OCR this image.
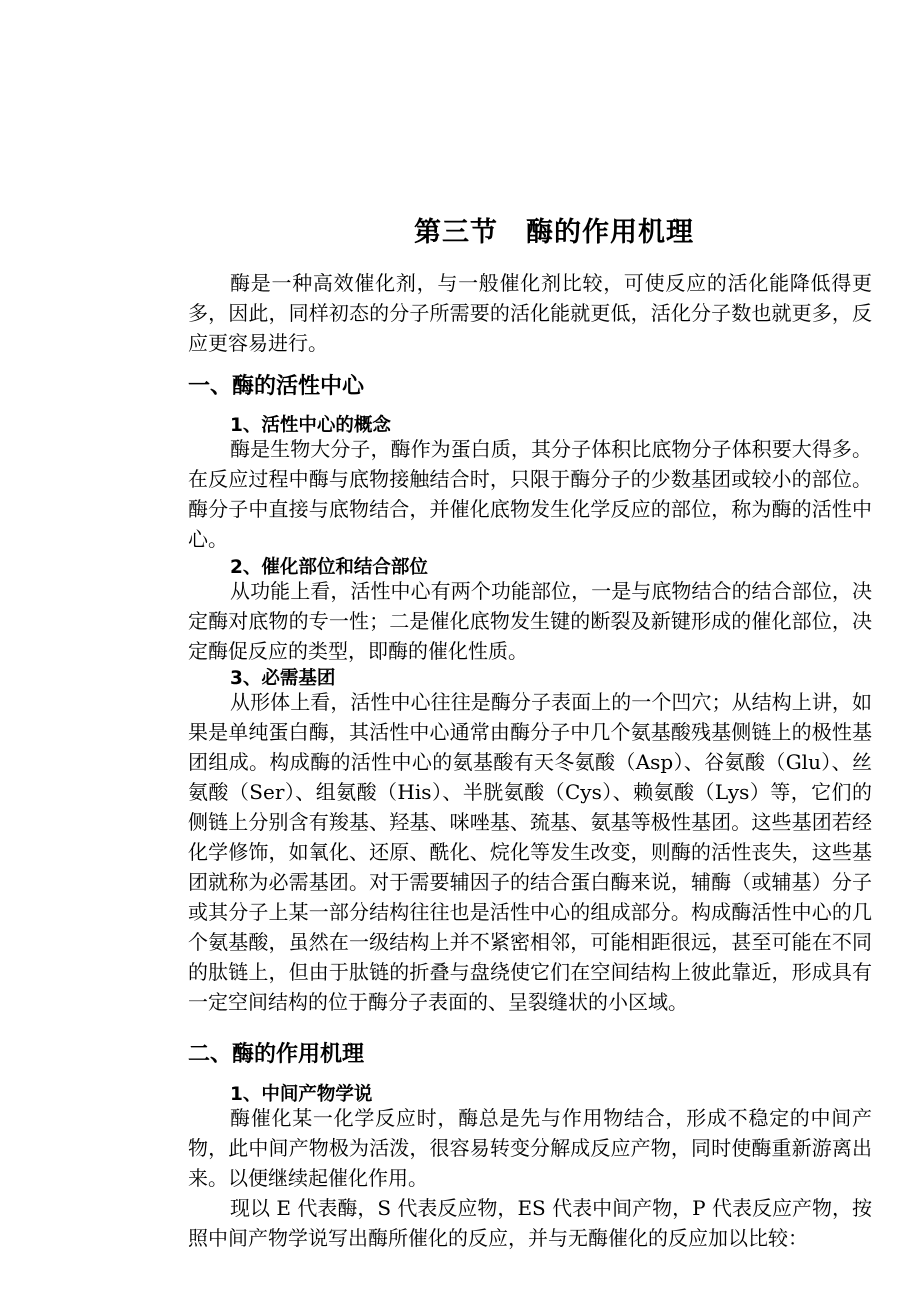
第三节　酶的作用机理

酶是一种高效催化剂，与一般催化剂比较，可使反应的活化能降低得更多，因此，同样初态的分子所需要的活化能就更低，活化分子数也就更多，反应更容易进行。

一、酶的活性中心
1、活性中心的概念

酶是生物大分子，酶作为蛋白质，其分子体积比底物分子体积要大得多。在反应过程中酶与底物接触结合时，只限于酶分子的少数基团或较小的部位。酶分子中直接与底物结合，并催化底物发生化学反应的部位，称为酶的活性中心。

2、催化部位和结合部位

从功能上看，活性中心有两个功能部位，一是与底物结合的结合部位，决定酶对底物的专一性；二是催化底物发生键的断裂及新键形成的催化部位，决定酶促反应的类型，即酶的催化性质。

3、必需基团

从形体上看，活性中心往往是酶分子表面上的一个凹穴；从结构上讲，如果是单纯蛋白酶，其活性中心通常由酶分子中几个氨基酸残基侧链上的极性基团组成。构成酶的活性中心的氨基酸有天冬氨酸（Asp）、谷氨酸（Glu）、丝氨酸（Ser）、组氨酸（His）、半胱氨酸（Cys）、赖氨酸（Lys）等，它们的侧链上分别含有羧基、羟基、咪唑基、巯基、氨基等极性基团。这些基团若经化学修饰，如氧化、还原、酰化、烷化等发生改变，则酶的活性丧失，这些基团就称为必需基团。对于需要辅因子的结合蛋白酶来说，辅酶（或辅基）分子或其分子上某一部分结构往往也是活性中心的组成部分。构成酶活性中心的几个氨基酸，虽然在一级结构上并不紧密相邻，可能相距很远，甚至可能在不同的肽链上，但由于肽链的折叠与盘绕使它们在空间结构上彼此靠近，形成具有一定空间结构的位于酶分子表面的、呈裂缝状的小区域。

二、酶的作用机理
1、中间产物学说

酶催化某一化学反应时，酶总是先与作用物结合，形成不稳定的中间产物，此中间产物极为活泼，很容易转变分解成反应产物，同时使酶重新游离出来。以便继续起催化作用。

现以 E 代表酶，S 代表反应物，ES 代表中间产物，P 代表反应产物，按照中间产物学说写出酶所催化的反应，并与无酶催化的反应加以比较：
